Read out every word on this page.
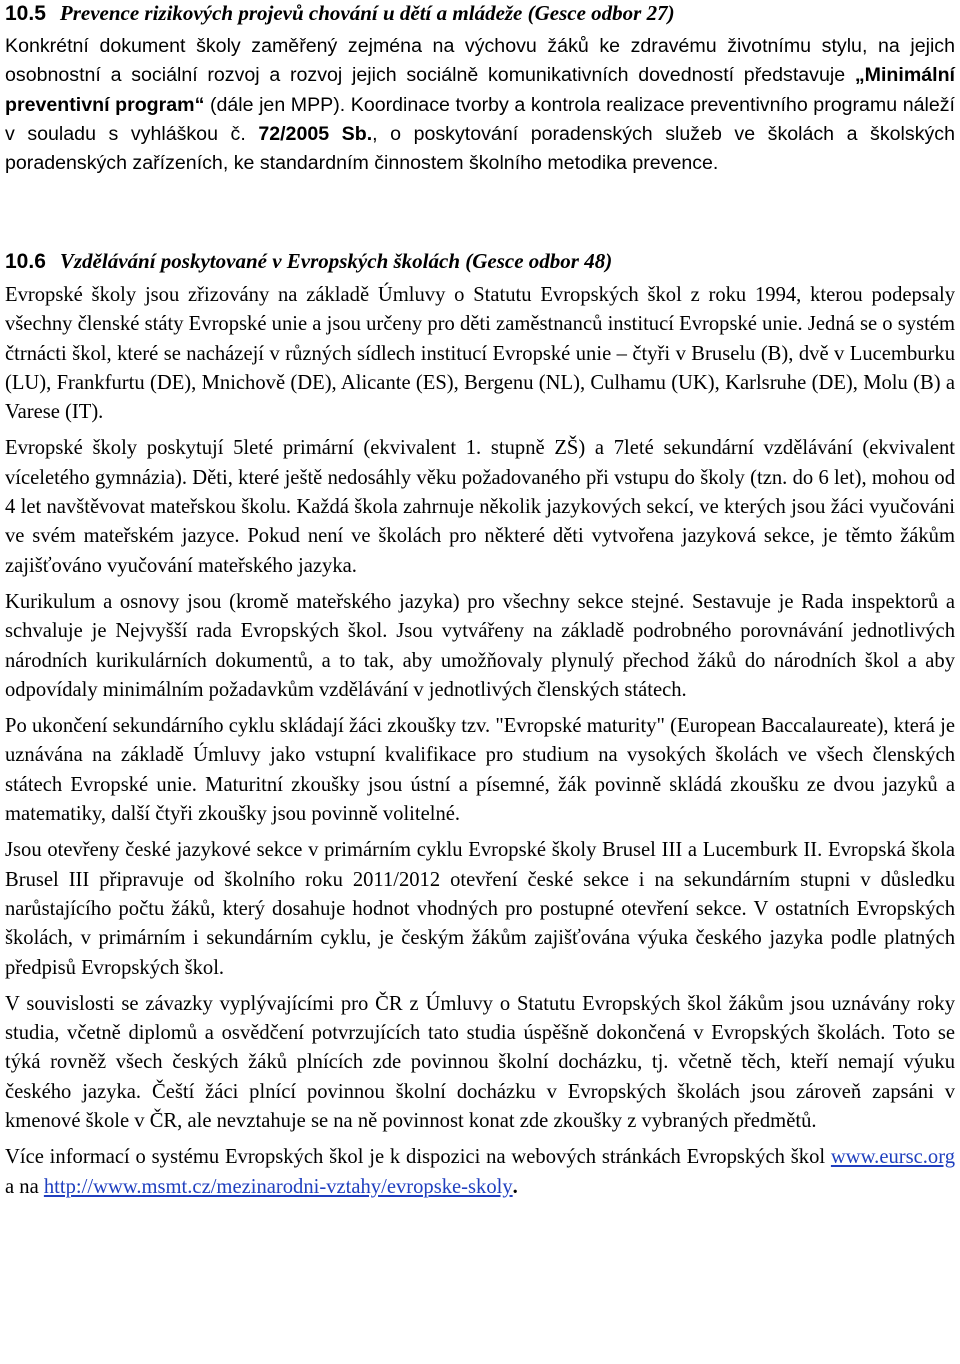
10.5 Prevence rizikových projevů chování u dětí a mládeže (Gesce odbor 27)

Konkrétní dokument školy zaměřený zejména na výchovu žáků ke zdravému životnímu stylu, na jejich osobnostní a sociální rozvoj a rozvoj jejich sociálně komunikativních dovedností představuje „Minimální preventivní program“ (dále jen MPP). Koordinace tvorby a kontrola realizace preventivního programu náleží v souladu s vyhláškou č. 72/2005 Sb., o poskytování poradenských služeb ve školách a školských poradenských zařízeních, ke standardním činnostem školního metodika prevence.

10.6 Vzdělávání poskytované v Evropských školách (Gesce odbor 48)

Evropské školy jsou zřizovány na základě Úmluvy o Statutu Evropských škol z roku 1994, kterou podepsaly všechny členské státy Evropské unie a jsou určeny pro děti zaměstnanců institucí Evropské unie. Jedná se o systém čtrnácti škol, které se nacházejí v různých sídlech institucí Evropské unie – čtyři v Bruselu (B), dvě v Lucemburku (LU), Frankfurtu (DE), Mnichově (DE), Alicante (ES), Bergenu (NL), Culhamu (UK), Karlsruhe (DE), Molu (B) a Varese (IT).

Evropské školy poskytují 5leté primární (ekvivalent 1. stupně ZŠ) a 7leté sekundární vzdělávání (ekvivalent víceletého gymnázia). Děti, které ještě nedosáhly věku požadovaného při vstupu do školy (tzn. do 6 let), mohou od 4 let navštěvovat mateřskou školu. Každá škola zahrnuje několik jazykových sekcí, ve kterých jsou žáci vyučováni ve svém mateřském jazyce. Pokud není ve školách pro některé děti vytvořena jazyková sekce, je těmto žákům zajišťováno vyučování mateřského jazyka.

Kurikulum a osnovy jsou (kromě mateřského jazyka) pro všechny sekce stejné. Sestavuje je Rada inspektorů a schvaluje je Nejvyšší rada Evropských škol. Jsou vytvářeny na základě podrobného porovnávání jednotlivých národních kurikulárních dokumentů, a to tak, aby umožňovaly plynulý přechod žáků do národních škol a aby odpovídaly minimálním požadavkům vzdělávání v jednotlivých členských státech.

Po ukončení sekundárního cyklu skládají žáci zkoušky tzv. "Evropské maturity" (European Baccalaureate), která je uznávána na základě Úmluvy jako vstupní kvalifikace pro studium na vysokých školách ve všech členských státech Evropské unie. Maturitní zkoušky jsou ústní a písemné, žák povinně skládá zkoušku ze dvou jazyků a matematiky, další čtyři zkoušky jsou povinně volitelné.

Jsou otevřeny české jazykové sekce v primárním cyklu Evropské školy Brusel III a Lucemburk II. Evropská škola Brusel III připravuje od školního roku 2011/2012 otevření české sekce i na sekundárním stupni v důsledku narůstajícího počtu žáků, který dosahuje hodnot vhodných pro postupné otevření sekce. V ostatních Evropských školách, v primárním i sekundárním cyklu, je českým žákům zajišťována výuka českého jazyka podle platných předpisů Evropských škol.

V souvislosti se závazky vyplývajícími pro ČR z Úmluvy o Statutu Evropských škol žákům jsou uznávány roky studia, včetně diplomů a osvědčení potvrzujících tato studia úspěšně dokončená v Evropských školách. Toto se týká rovněž všech českých žáků plnících zde povinnou školní docházku, tj. včetně těch, kteří nemají výuku českého jazyka. Čeští žáci plnící povinnou školní docházku v Evropských školách jsou zároveň zapsáni v kmenové škole v ČR, ale nevztahuje se na ně povinnost konat zde zkoušky z vybraných předmětů.

Více informací o systému Evropských škol je k dispozici na webových stránkách Evropských škol www.eursc.org a na http://www.msmt.cz/mezinarodni-vztahy/evropske-skoly.
